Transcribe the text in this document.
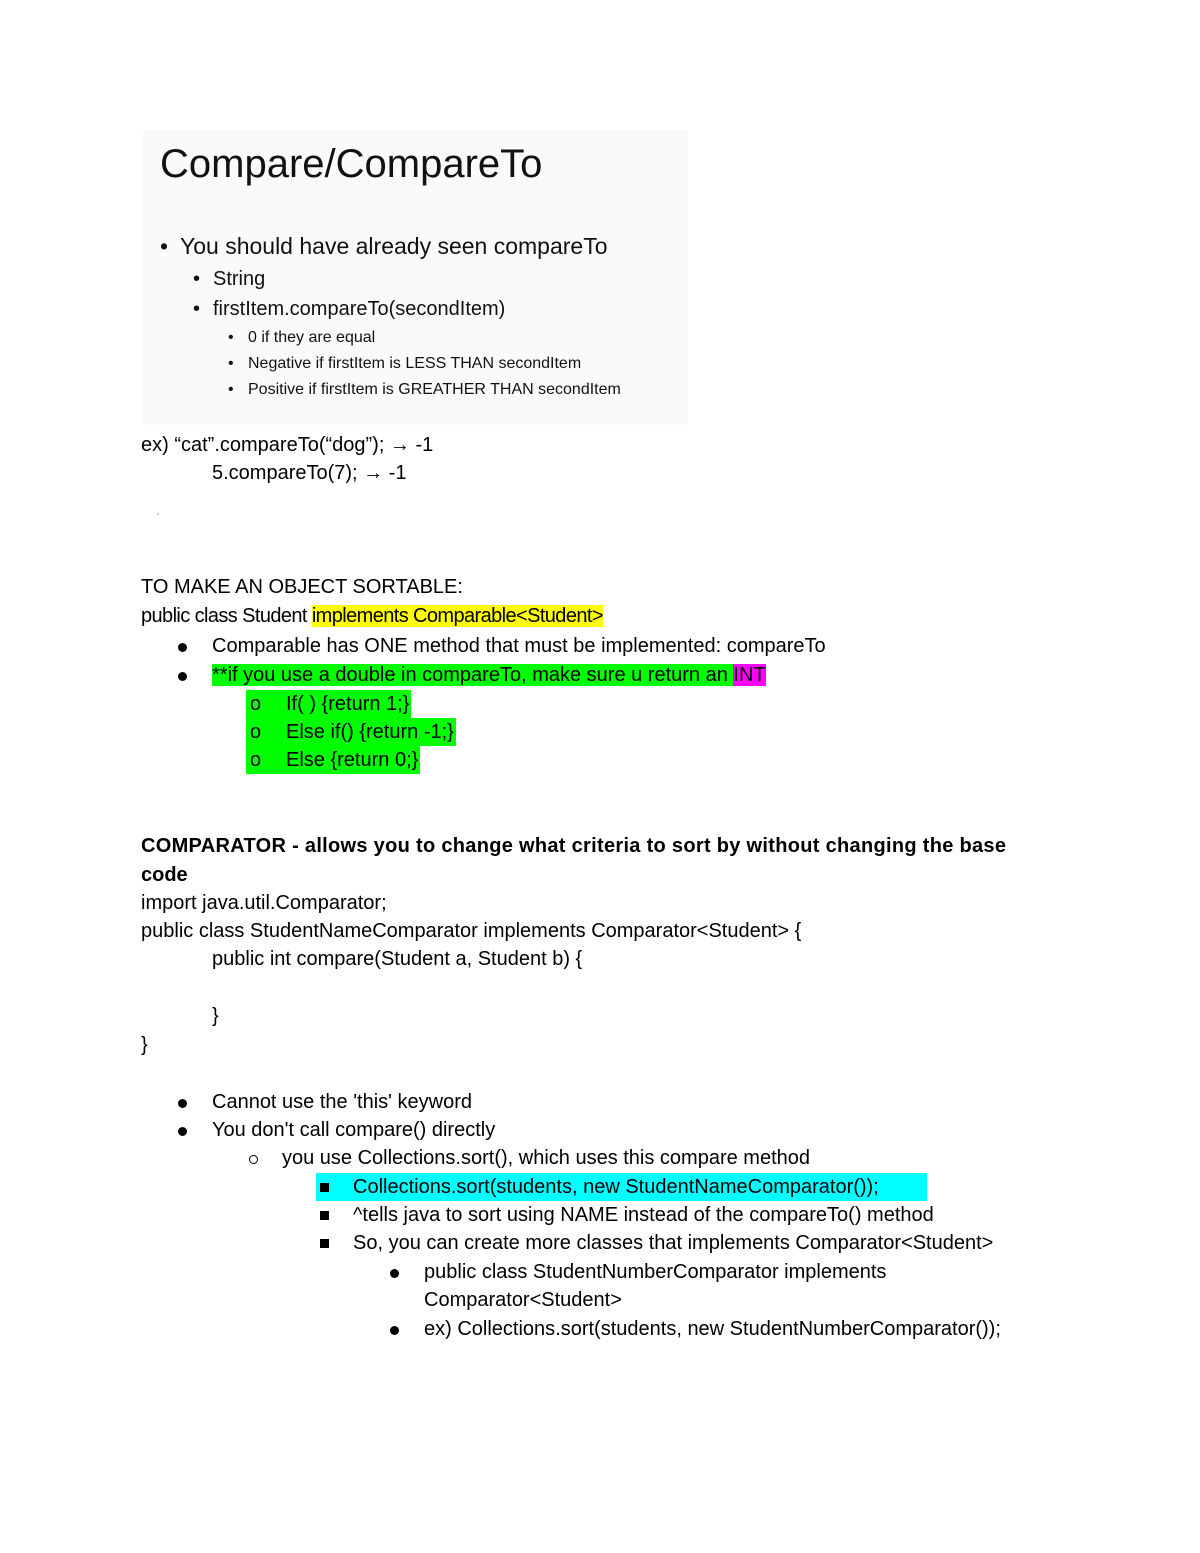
Compare/CompareTo
• You should have already seen compareTo
• String
• firstItem.compareTo(secondItem)
• 0 if they are equal
• Negative if firstItem is LESS THAN secondItem
• Positive if firstItem is GREATHER THAN secondItem
ex) “cat”.compareTo(“dog”); → -1
5.compareTo(7); → -1
'
TO MAKE AN OBJECT SORTABLE:
public class Student implements Comparable<Student>
Comparable has ONE method that must be implemented: compareTo
**if you use a double in compareTo, make sure u return an INT
o If( ) {return 1;}
o Else if() {return -1;}
o Else {return 0;}
COMPARATOR - allows you to change what criteria to sort by without changing the base
code
import java.util.Comparator;
public class StudentNameComparator implements Comparator<Student> {
public int compare(Student a, Student b) {
}
}
Cannot use the 'this' keyword
You don't call compare() directly
you use Collections.sort(), which uses this compare method
Collections.sort(students, new StudentNameComparator());
^tells java to sort using NAME instead of the compareTo() method
So, you can create more classes that implements Comparator<Student>
public class StudentNumberComparator implements
Comparator<Student>
ex) Collections.sort(students, new StudentNumberComparator());
